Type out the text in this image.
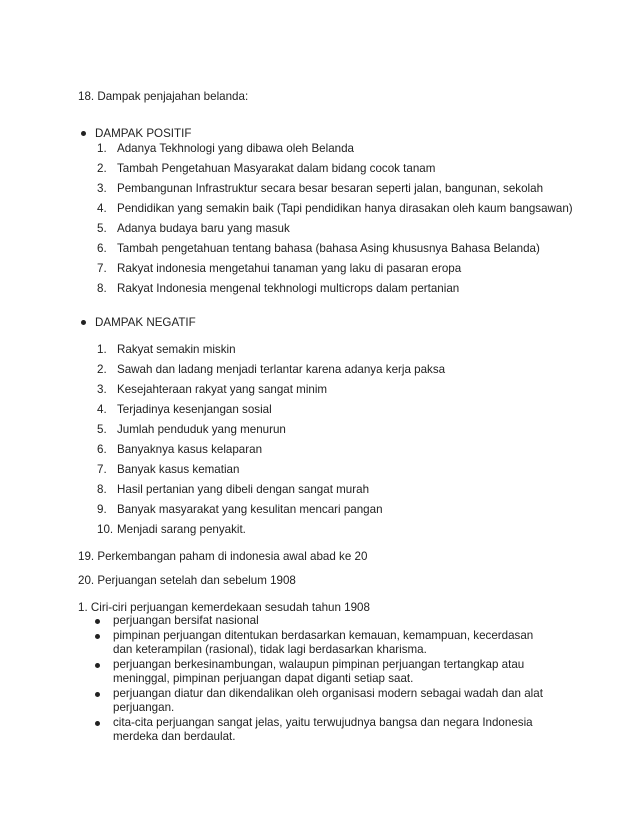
18. Dampak penjajahan belanda:
DAMPAK POSITIF
1. Adanya Tekhnologi yang dibawa oleh Belanda
2. Tambah Pengetahuan Masyarakat dalam bidang cocok tanam
3. Pembangunan Infrastruktur secara besar besaran seperti jalan, bangunan, sekolah
4. Pendidikan yang semakin baik (Tapi pendidikan hanya dirasakan oleh kaum bangsawan)
5. Adanya budaya baru yang masuk
6. Tambah pengetahuan tentang bahasa (bahasa Asing khususnya Bahasa Belanda)
7. Rakyat indonesia mengetahui tanaman yang laku di pasaran eropa
8. Rakyat Indonesia mengenal tekhnologi multicrops dalam pertanian
DAMPAK NEGATIF
1. Rakyat semakin miskin
2. Sawah dan ladang menjadi terlantar karena adanya kerja paksa
3. Kesejahteraan rakyat yang sangat minim
4. Terjadinya kesenjangan sosial
5. Jumlah penduduk yang menurun
6. Banyaknya kasus kelaparan
7. Banyak kasus kematian
8. Hasil pertanian yang dibeli dengan sangat murah
9. Banyak masyarakat yang kesulitan mencari pangan
10. Menjadi sarang penyakit.
19. Perkembangan paham di indonesia awal abad ke 20
20. Perjuangan setelah dan sebelum 1908
1. Ciri-ciri perjuangan kemerdekaan sesudah tahun 1908
perjuangan bersifat nasional
pimpinan perjuangan ditentukan berdasarkan kemauan, kemampuan, kecerdasan dan keterampilan (rasional), tidak lagi berdasarkan kharisma.
perjuangan berkesinambungan, walaupun pimpinan perjuangan tertangkap atau meninggal, pimpinan perjuangan dapat diganti setiap saat.
perjuangan diatur dan dikendalikan oleh organisasi modern sebagai wadah dan alat perjuangan.
cita-cita perjuangan sangat jelas, yaitu terwujudnya bangsa dan negara Indonesia merdeka dan berdaulat.
